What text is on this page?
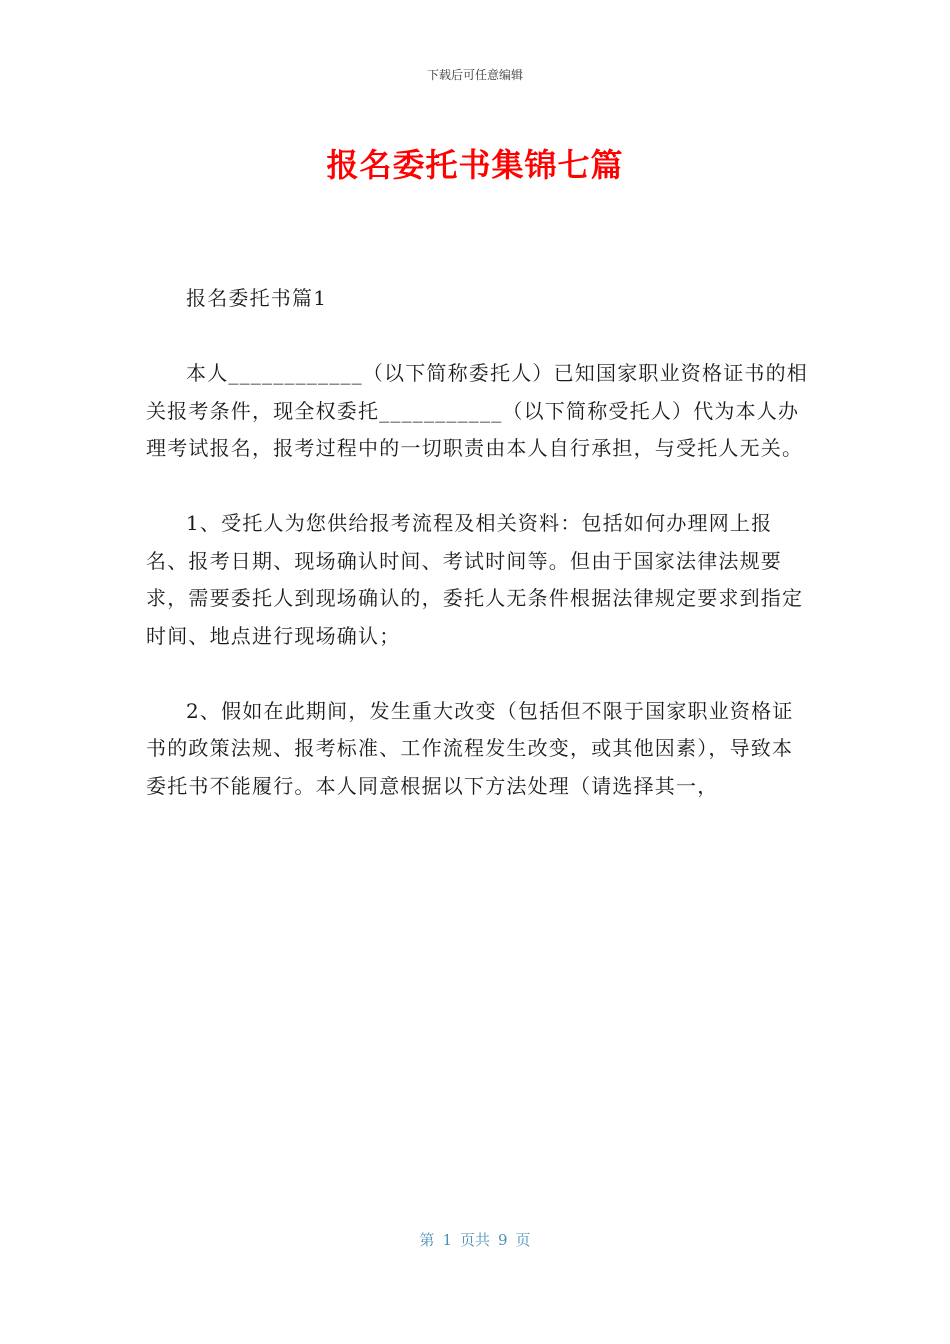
下载后可任意编辑
报名委托书集锦七篇

报名委托书篇1

本人____________（以下简称委托人）已知国家职业资格证书的相关报考条件，现全权委托___________（以下简称受托人）代为本人办理考试报名，报考过程中的一切职责由本人自行承担，与受托人无关。

1、受托人为您供给报考流程及相关资料：包括如何办理网上报名、报考日期、现场确认时间、考试时间等。但由于国家法律法规要求，需要委托人到现场确认的，委托人无条件根据法律规定要求到指定时间、地点进行现场确认；

2、假如在此期间，发生重大改变（包括但不限于国家职业资格证书的政策法规、报考标准、工作流程发生改变，或其他因素），导致本委托书不能履行。本人同意根据以下方法处理（请选择其一，

第 1 页共 9 页
